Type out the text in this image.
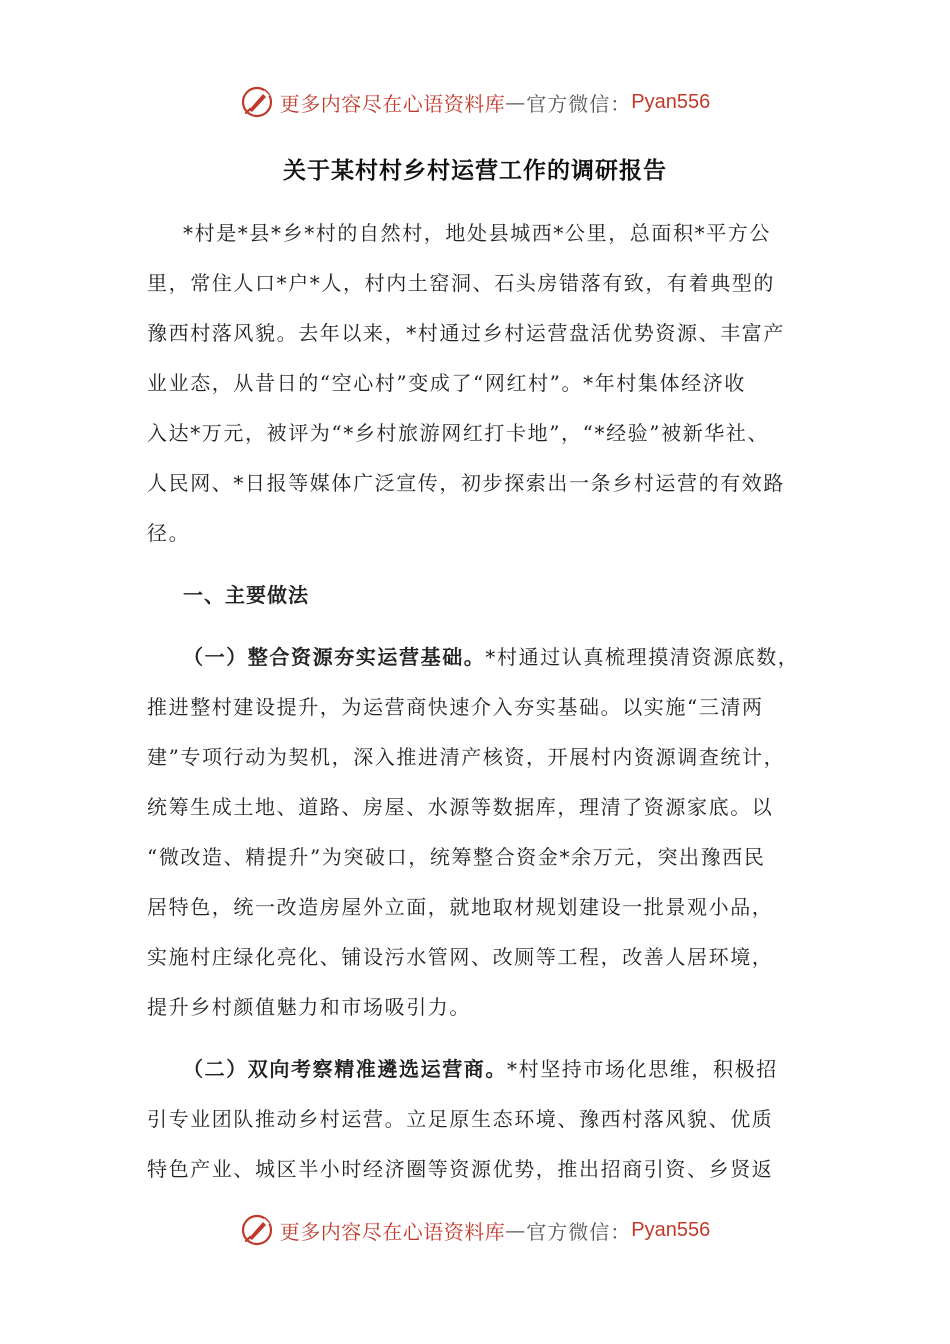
更多内容尽在心语资料库 — 官方微信： Pyan556
关于某村村乡村运营工作的调研报告
*村是*县*乡*村的自然村，地处县城西*公里，总面积*平方公
里，常住人口*户*人，村内土窑洞、石头房错落有致，有着典型的
豫西村落风貌。去年以来，*村通过乡村运营盘活优势资源、丰富产
业业态，从昔日的“空心村”变成了“网红村”。*年村集体经济收
入达*万元，被评为“*乡村旅游网红打卡地”，“*经验”被新华社、
人民网、*日报等媒体广泛宣传，初步探索出一条乡村运营的有效路
径。
一、主要做法
（一）整合资源夯实运营基础。*村通过认真梳理摸清资源底数，
推进整村建设提升，为运营商快速介入夯实基础。以实施“三清两
建”专项行动为契机，深入推进清产核资，开展村内资源调查统计，
统筹生成土地、道路、房屋、水源等数据库，理清了资源家底。以
“微改造、精提升”为突破口，统筹整合资金*余万元，突出豫西民
居特色，统一改造房屋外立面，就地取材规划建设一批景观小品，
实施村庄绿化亮化、铺设污水管网、改厕等工程，改善人居环境，
提升乡村颜值魅力和市场吸引力。
（二）双向考察精准遴选运营商。*村坚持市场化思维，积极招
引专业团队推动乡村运营。立足原生态环境、豫西村落风貌、优质
特色产业、城区半小时经济圈等资源优势，推出招商引资、乡贤返
更多内容尽在心语资料库 — 官方微信： Pyan556
